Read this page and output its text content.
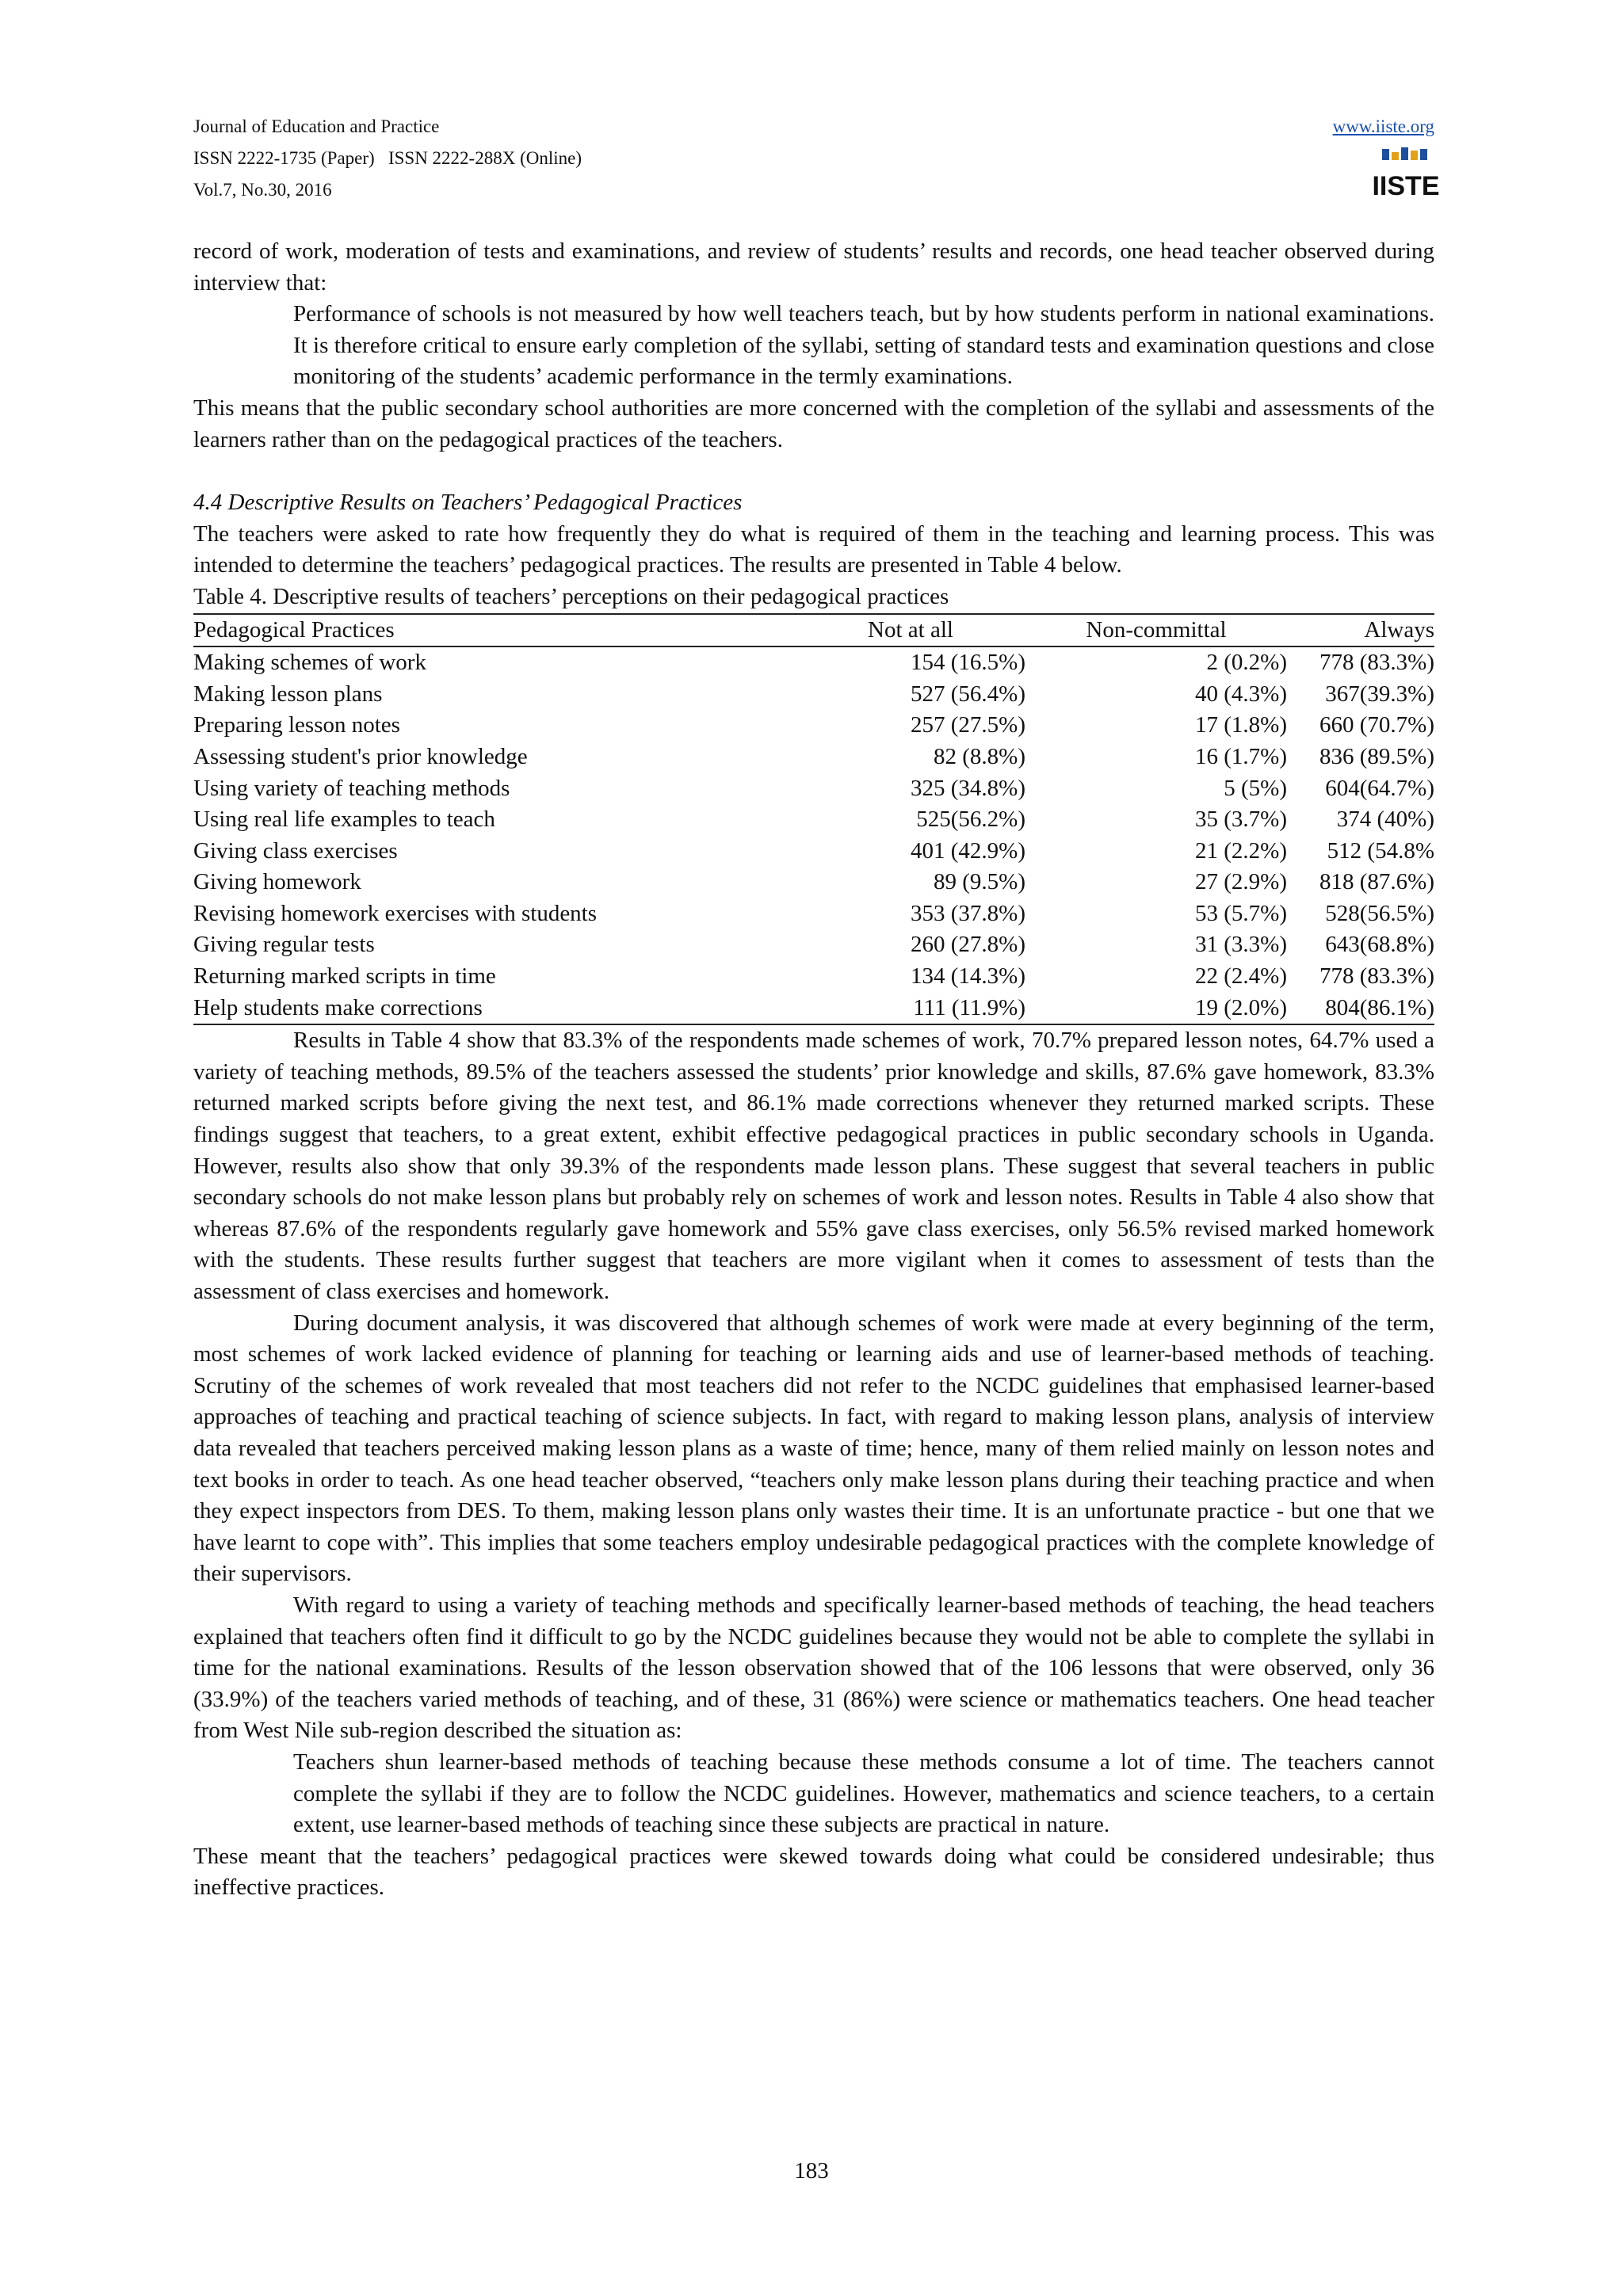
Journal of Education and Practice
ISSN 2222-1735 (Paper)   ISSN 2222-288X (Online)
Vol.7, No.30, 2016
www.iiste.org
IISTE

record of work, moderation of tests and examinations, and review of students’ results and records, one head teacher observed during interview that:

Performance of schools is not measured by how well teachers teach, but by how students perform in national examinations. It is therefore critical to ensure early completion of the syllabi, setting of standard tests and examination questions and close monitoring of the students’ academic performance in the termly examinations.

This means that the public secondary school authorities are more concerned with the completion of the syllabi and assessments of the learners rather than on the pedagogical practices of the teachers.

4.4 Descriptive Results on Teachers’ Pedagogical Practices

The teachers were asked to rate how frequently they do what is required of them in the teaching and learning process. This was intended to determine the teachers’ pedagogical practices. The results are presented in Table 4 below.

Table 4. Descriptive results of teachers’ perceptions on their pedagogical practices

Pedagogical Practices	Not at all	Non-committal	Always
Making schemes of work	154 (16.5%)	2 (0.2%)	778 (83.3%)
Making lesson plans	527 (56.4%)	40 (4.3%)	367(39.3%)
Preparing lesson notes	257 (27.5%)	17 (1.8%)	660 (70.7%)
Assessing student's prior knowledge	82 (8.8%)	16 (1.7%)	836 (89.5%)
Using variety of teaching methods	325 (34.8%)	5 (5%)	604(64.7%)
Using real life examples to teach	525(56.2%)	35 (3.7%)	374 (40%)
Giving class exercises	401 (42.9%)	21 (2.2%)	512 (54.8%
Giving homework	89 (9.5%)	27 (2.9%)	818 (87.6%)
Revising homework exercises with students	353 (37.8%)	53 (5.7%)	528(56.5%)
Giving regular tests	260 (27.8%)	31 (3.3%)	643(68.8%)
Returning marked scripts in time	134 (14.3%)	22 (2.4%)	778 (83.3%)
Help students make corrections	111 (11.9%)	19 (2.0%)	804(86.1%)

Results in Table 4 show that 83.3% of the respondents made schemes of work, 70.7% prepared lesson notes, 64.7% used a variety of teaching methods, 89.5% of the teachers assessed the students’ prior knowledge and skills, 87.6% gave homework, 83.3% returned marked scripts before giving the next test, and 86.1% made corrections whenever they returned marked scripts. These findings suggest that teachers, to a great extent, exhibit effective pedagogical practices in public secondary schools in Uganda. However, results also show that only 39.3% of the respondents made lesson plans. These suggest that several teachers in public secondary schools do not make lesson plans but probably rely on schemes of work and lesson notes. Results in Table 4 also show that whereas 87.6% of the respondents regularly gave homework and 55% gave class exercises, only 56.5% revised marked homework with the students. These results further suggest that teachers are more vigilant when it comes to assessment of tests than the assessment of class exercises and homework.

During document analysis, it was discovered that although schemes of work were made at every beginning of the term, most schemes of work lacked evidence of planning for teaching or learning aids and use of learner-based methods of teaching. Scrutiny of the schemes of work revealed that most teachers did not refer to the NCDC guidelines that emphasised learner-based approaches of teaching and practical teaching of science subjects. In fact, with regard to making lesson plans, analysis of interview data revealed that teachers perceived making lesson plans as a waste of time; hence, many of them relied mainly on lesson notes and text books in order to teach. As one head teacher observed, “teachers only make lesson plans during their teaching practice and when they expect inspectors from DES. To them, making lesson plans only wastes their time. It is an unfortunate practice - but one that we have learnt to cope with”. This implies that some teachers employ undesirable pedagogical practices with the complete knowledge of their supervisors.

With regard to using a variety of teaching methods and specifically learner-based methods of teaching, the head teachers explained that teachers often find it difficult to go by the NCDC guidelines because they would not be able to complete the syllabi in time for the national examinations. Results of the lesson observation showed that of the 106 lessons that were observed, only 36 (33.9%) of the teachers varied methods of teaching, and of these, 31 (86%) were science or mathematics teachers. One head teacher from West Nile sub-region described the situation as:

Teachers shun learner-based methods of teaching because these methods consume a lot of time. The teachers cannot complete the syllabi if they are to follow the NCDC guidelines. However, mathematics and science teachers, to a certain extent, use learner-based methods of teaching since these subjects are practical in nature.

These meant that the teachers’ pedagogical practices were skewed towards doing what could be considered undesirable; thus ineffective practices.

183
